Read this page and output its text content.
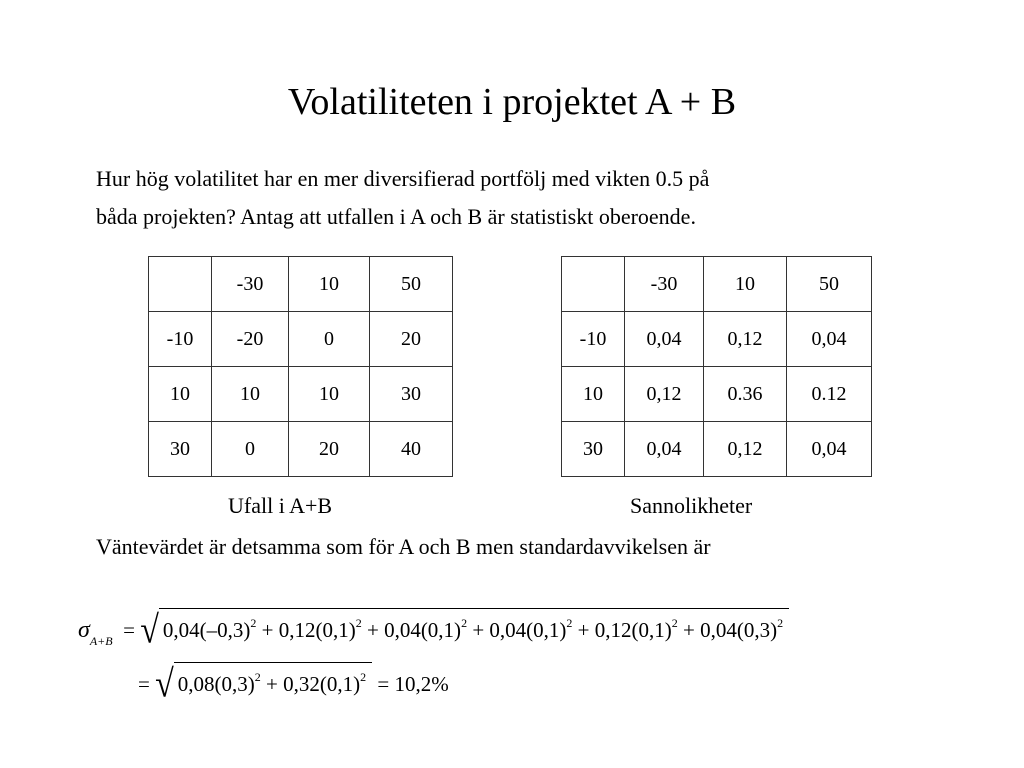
Volatiliteten i projektet A + B
Hur hög volatilitet har en mer diversifierad portfölj med vikten 0.5 på
båda projekten? Antag att utfallen i A och B är statistiskt oberoende.
	-30	10	50
-10	-20	0	20
10	10	10	30
30	0	20	40
	-30	10	50
-10	0,04	0,12	0,04
10	0,12	0.36	0.12
30	0,04	0,12	0,04
Ufall i A+B	Sannolikheter
Väntevärdet är detsamma som för A och B men standardavvikelsen är
$\sigma_{A+B}$ = √ $0,04(-0,3)^2 + 0,12(0,1)^2 + 0,04(0,1)^2 + 0,04(0,1)^2 + 0,12(0,1)^2 + 0,04(0,3)^2$
= √ $0,08(0,3)^2 + 0,32(0,1)^2 = 10,2\%$
